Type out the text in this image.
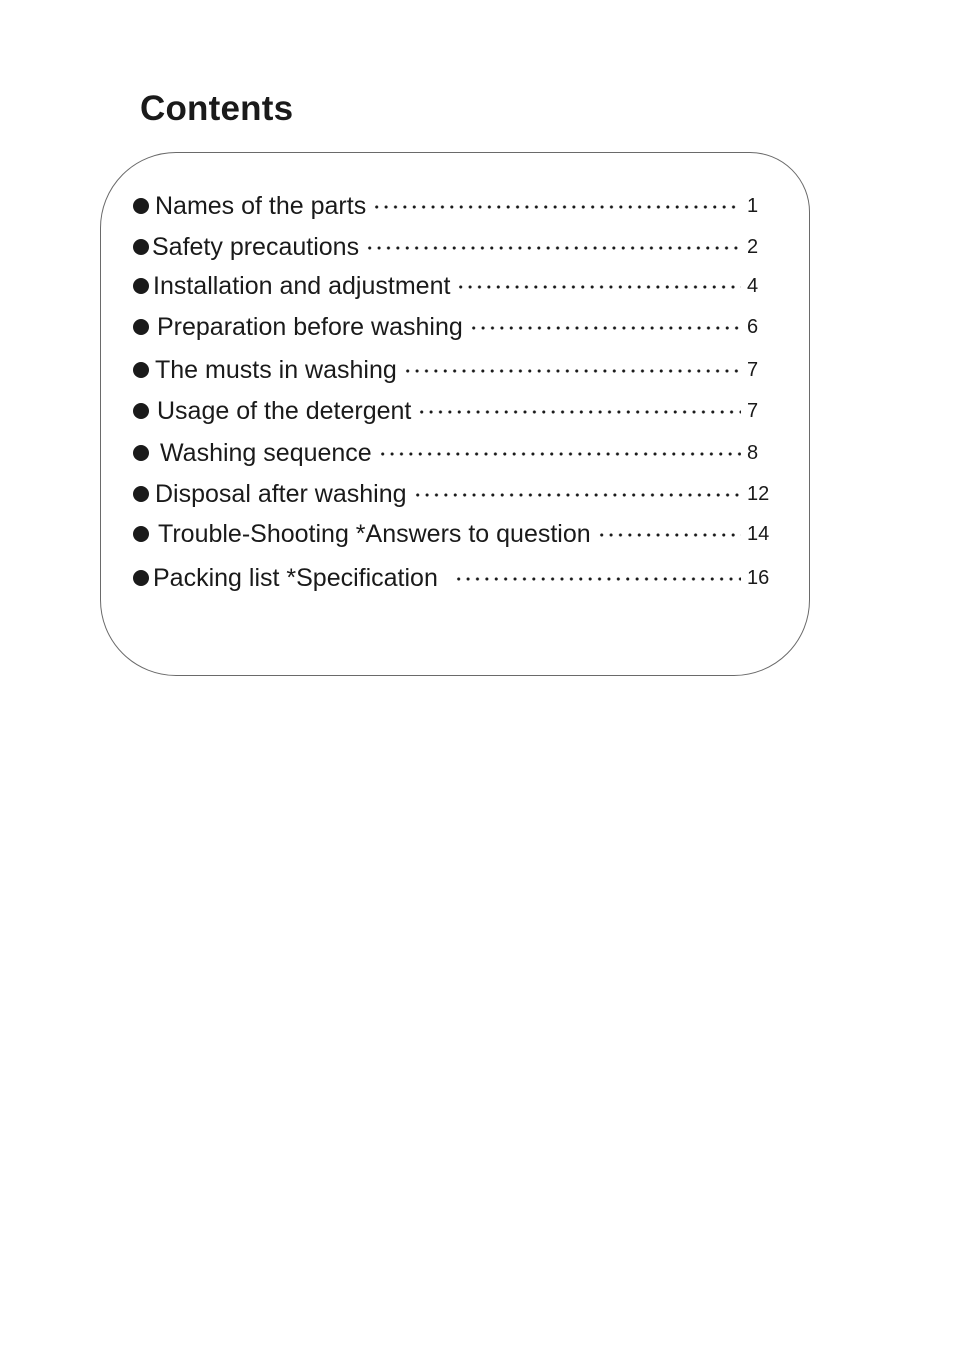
Contents
Names of the parts	1
Safety precautions	2
Installation and adjustment	4
Preparation before washing	6
The musts in washing	7
Usage of the detergent	7
Washing sequence	8
Disposal after washing	12
Trouble-Shooting *Answers to question	14
Packing list *Specification	16
